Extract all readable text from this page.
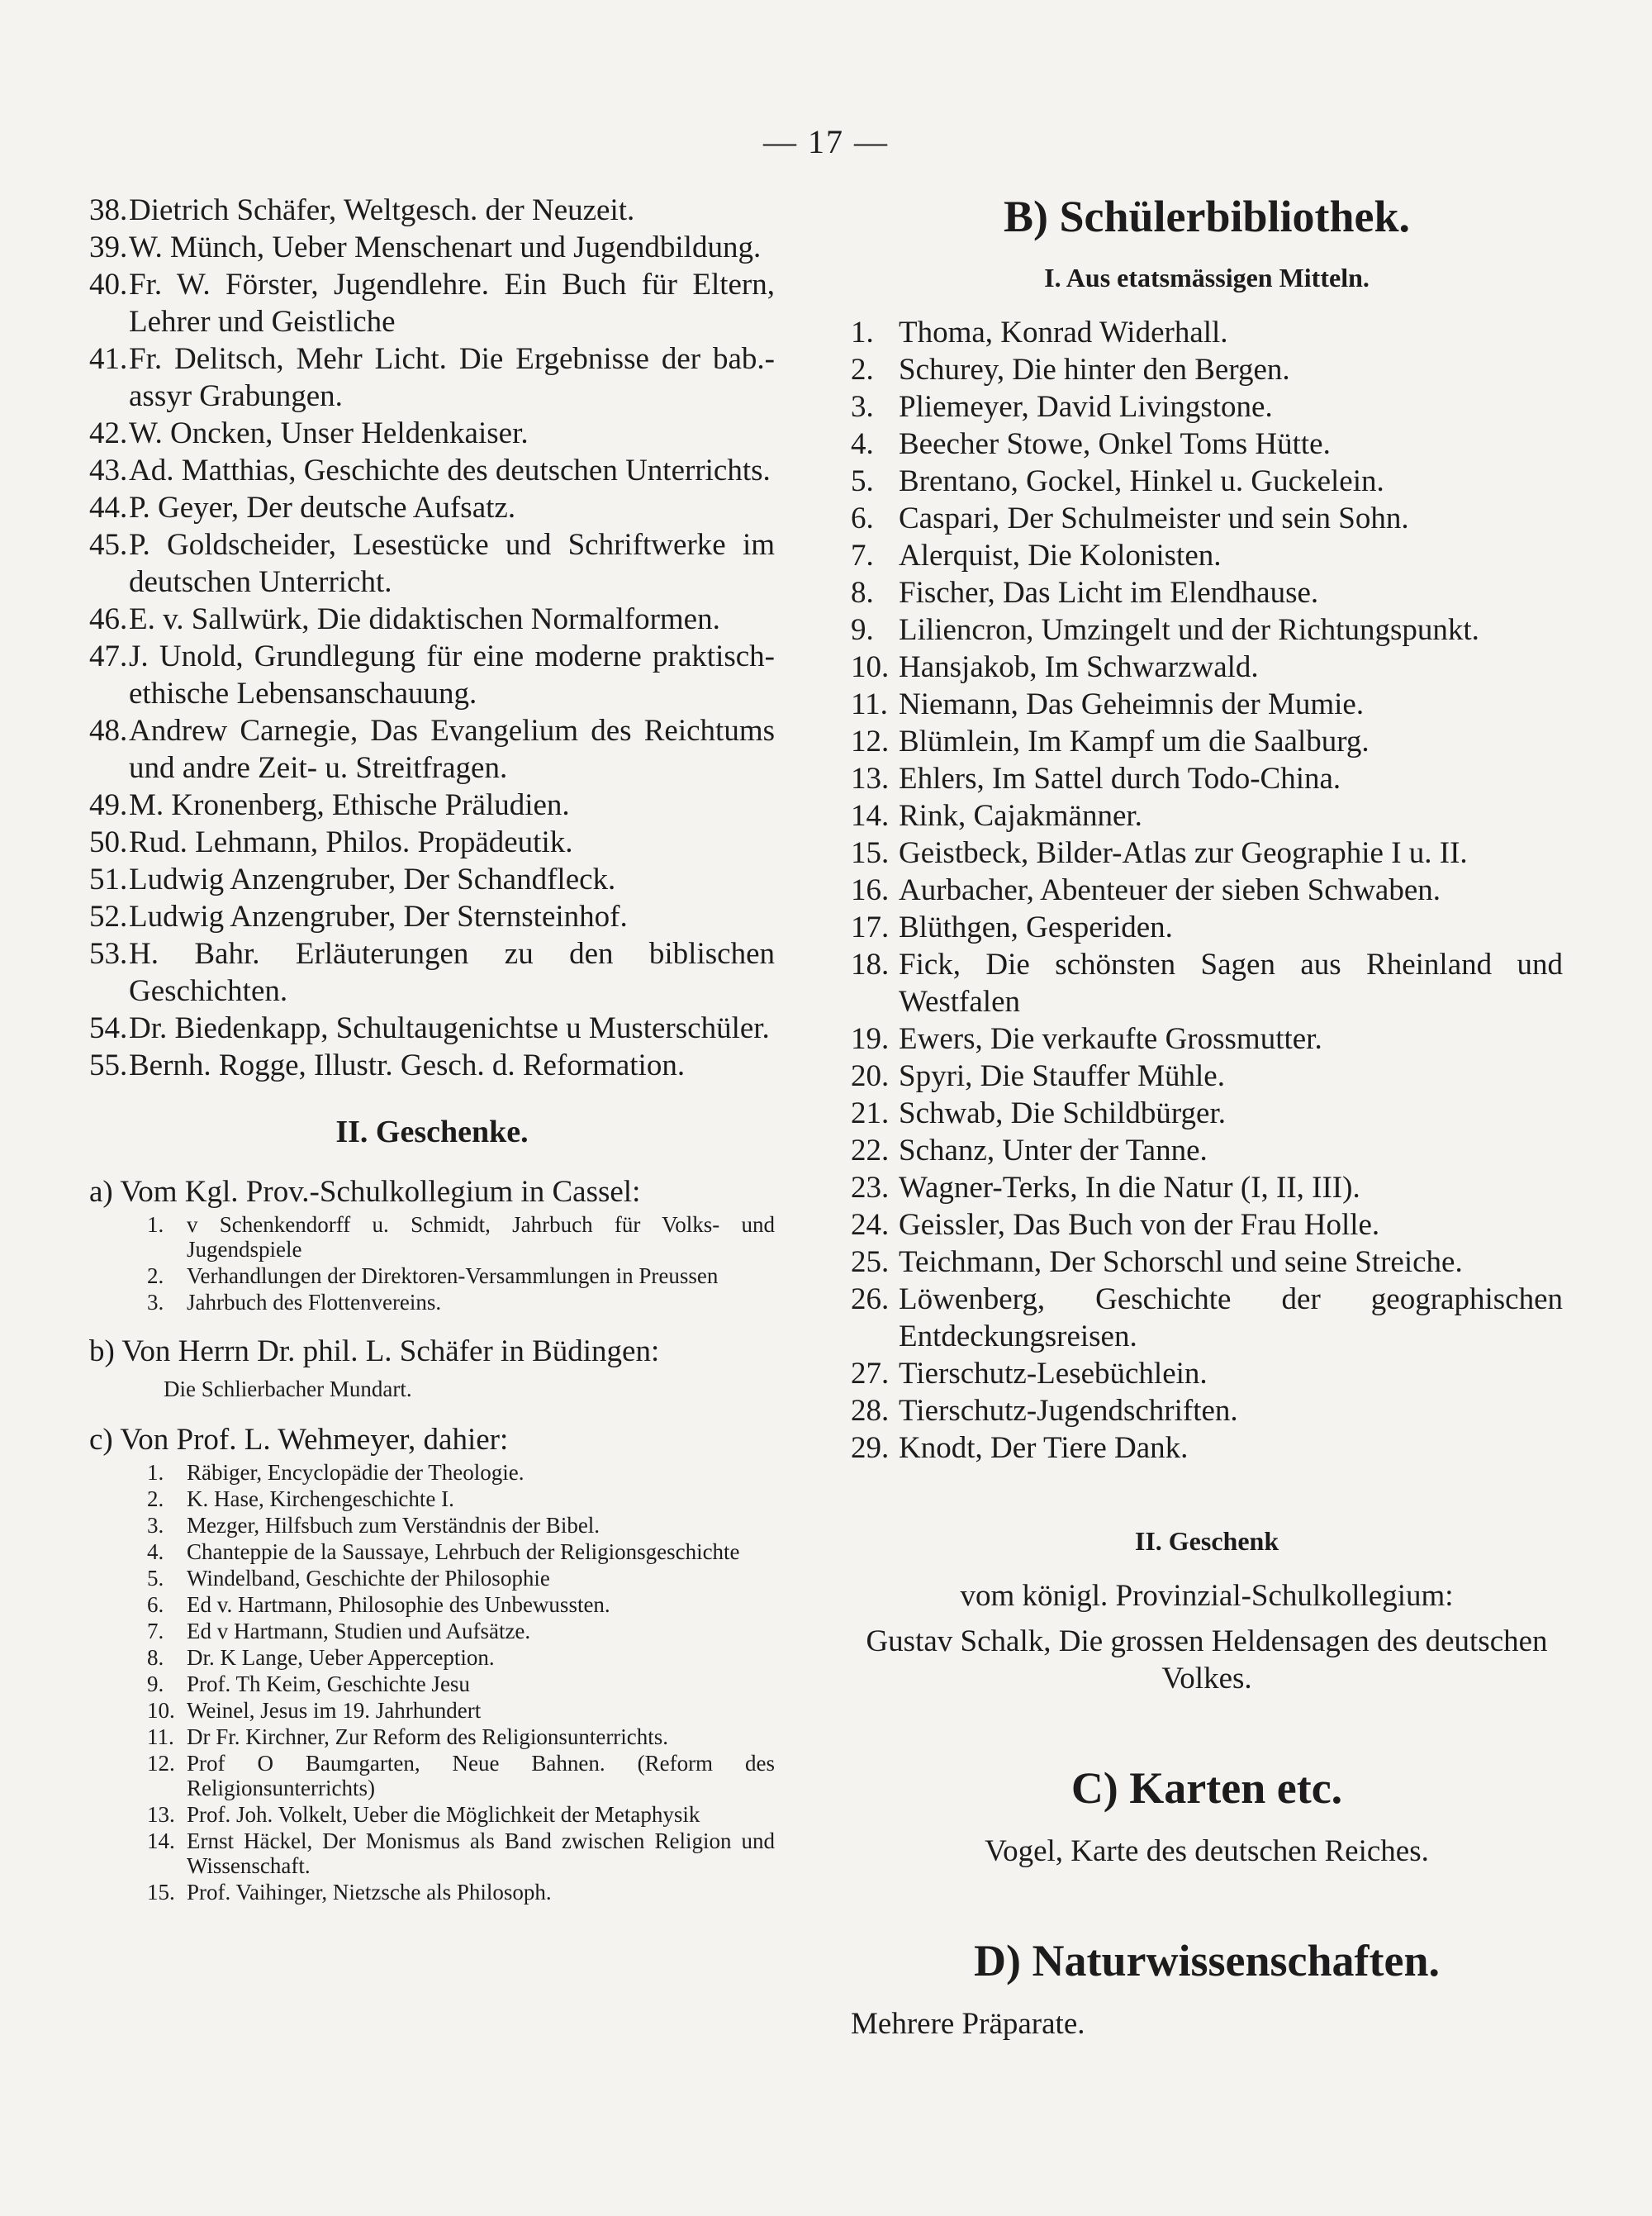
— 17 —
38. Dietrich Schäfer, Weltgesch. der Neuzeit.
39. W. Münch, Ueber Menschenart und Jugendbildung.
40. Fr. W. Förster, Jugendlehre. Ein Buch für Eltern, Lehrer und Geistliche
41. Fr. Delitsch, Mehr Licht. Die Ergebnisse der bab.-assyr Grabungen.
42. W. Oncken, Unser Heldenkaiser.
43. Ad. Matthias, Geschichte des deutschen Unterrichts.
44. P. Geyer, Der deutsche Aufsatz.
45. P. Goldscheider, Lesestücke und Schriftwerke im deutschen Unterricht.
46. E. v. Sallwürk, Die didaktischen Normalformen.
47. J. Unold, Grundlegung für eine moderne praktisch-ethische Lebensanschauung.
48. Andrew Carnegie, Das Evangelium des Reichtums und andre Zeit- u. Streitfragen.
49. M. Kronenberg, Ethische Präludien.
50. Rud. Lehmann, Philos. Propädeutik.
51. Ludwig Anzengruber, Der Schandfleck.
52. Ludwig Anzengruber, Der Sternsteinhof.
53. H. Bahr. Erläuterungen zu den biblischen Geschichten.
54. Dr. Biedenkapp, Schultaugenichtse u Musterschüler.
55. Bernh. Rogge, Illustr. Gesch. d. Reformation.
II. Geschenke.
a) Vom Kgl. Prov.-Schulkollegium in Cassel:
1. v Schenkendorff u. Schmidt, Jahrbuch für Volks- und Jugendspiele
2. Verhandlungen der Direktoren-Versammlungen in Preussen
3. Jahrbuch des Flottenvereins.
b) Von Herrn Dr. phil. L. Schäfer in Büdingen:
Die Schlierbacher Mundart.
c) Von Prof. L. Wehmeyer, dahier:
1. Räbiger, Encyclopädie der Theologie.
2. K. Hase, Kirchengeschichte I.
3. Mezger, Hilfsbuch zum Verständnis der Bibel.
4. Chanteppie de la Saussaye, Lehrbuch der Religionsgeschichte
5. Windelband, Geschichte der Philosophie
6. Ed v. Hartmann, Philosophie des Unbewussten.
7. Ed v Hartmann, Studien und Aufsätze.
8. Dr. K Lange, Ueber Apperception.
9. Prof. Th Keim, Geschichte Jesu
10. Weinel, Jesus im 19. Jahrhundert
11. Dr Fr. Kirchner, Zur Reform des Religionsunterrichts.
12. Prof O Baumgarten, Neue Bahnen. (Reform des Religionsunterrichts)
13. Prof. Joh. Volkelt, Ueber die Möglichkeit der Metaphysik
14. Ernst Häckel, Der Monismus als Band zwischen Religion und Wissenschaft.
15. Prof. Vaihinger, Nietzsche als Philosoph.
B) Schülerbibliothek.
I. Aus etatsmässigen Mitteln.
1. Thoma, Konrad Widerhall.
2. Schurey, Die hinter den Bergen.
3. Pliemeyer, David Livingstone.
4. Beecher Stowe, Onkel Toms Hütte.
5. Brentano, Gockel, Hinkel u. Guckelein.
6. Caspari, Der Schulmeister und sein Sohn.
7. Alerquist, Die Kolonisten.
8. Fischer, Das Licht im Elendhause.
9. Liliencron, Umzingelt und der Richtungspunkt.
10. Hansjakob, Im Schwarzwald.
11. Niemann, Das Geheimnis der Mumie.
12. Blümlein, Im Kampf um die Saalburg.
13. Ehlers, Im Sattel durch Todo-China.
14. Rink, Cajakmänner.
15. Geistbeck, Bilder-Atlas zur Geographie I u. II.
16. Aurbacher, Abenteuer der sieben Schwaben.
17. Blüthgen, Gesperiden.
18. Fick, Die schönsten Sagen aus Rheinland und Westfalen
19. Ewers, Die verkaufte Grossmutter.
20. Spyri, Die Stauffer Mühle.
21. Schwab, Die Schildbürger.
22. Schanz, Unter der Tanne.
23. Wagner-Terks, In die Natur (I, II, III).
24. Geissler, Das Buch von der Frau Holle.
25. Teichmann, Der Schorschl und seine Streiche.
26. Löwenberg, Geschichte der geographischen Entdeckungsreisen.
27. Tierschutz-Lesebüchlein.
28. Tierschutz-Jugendschriften.
29. Knodt, Der Tiere Dank.
II. Geschenk
vom königl. Provinzial-Schulkollegium:
Gustav Schalk, Die grossen Heldensagen des deutschen Volkes.
C) Karten etc.
Vogel, Karte des deutschen Reiches.
D) Naturwissenschaften.
Mehrere Präparate.
